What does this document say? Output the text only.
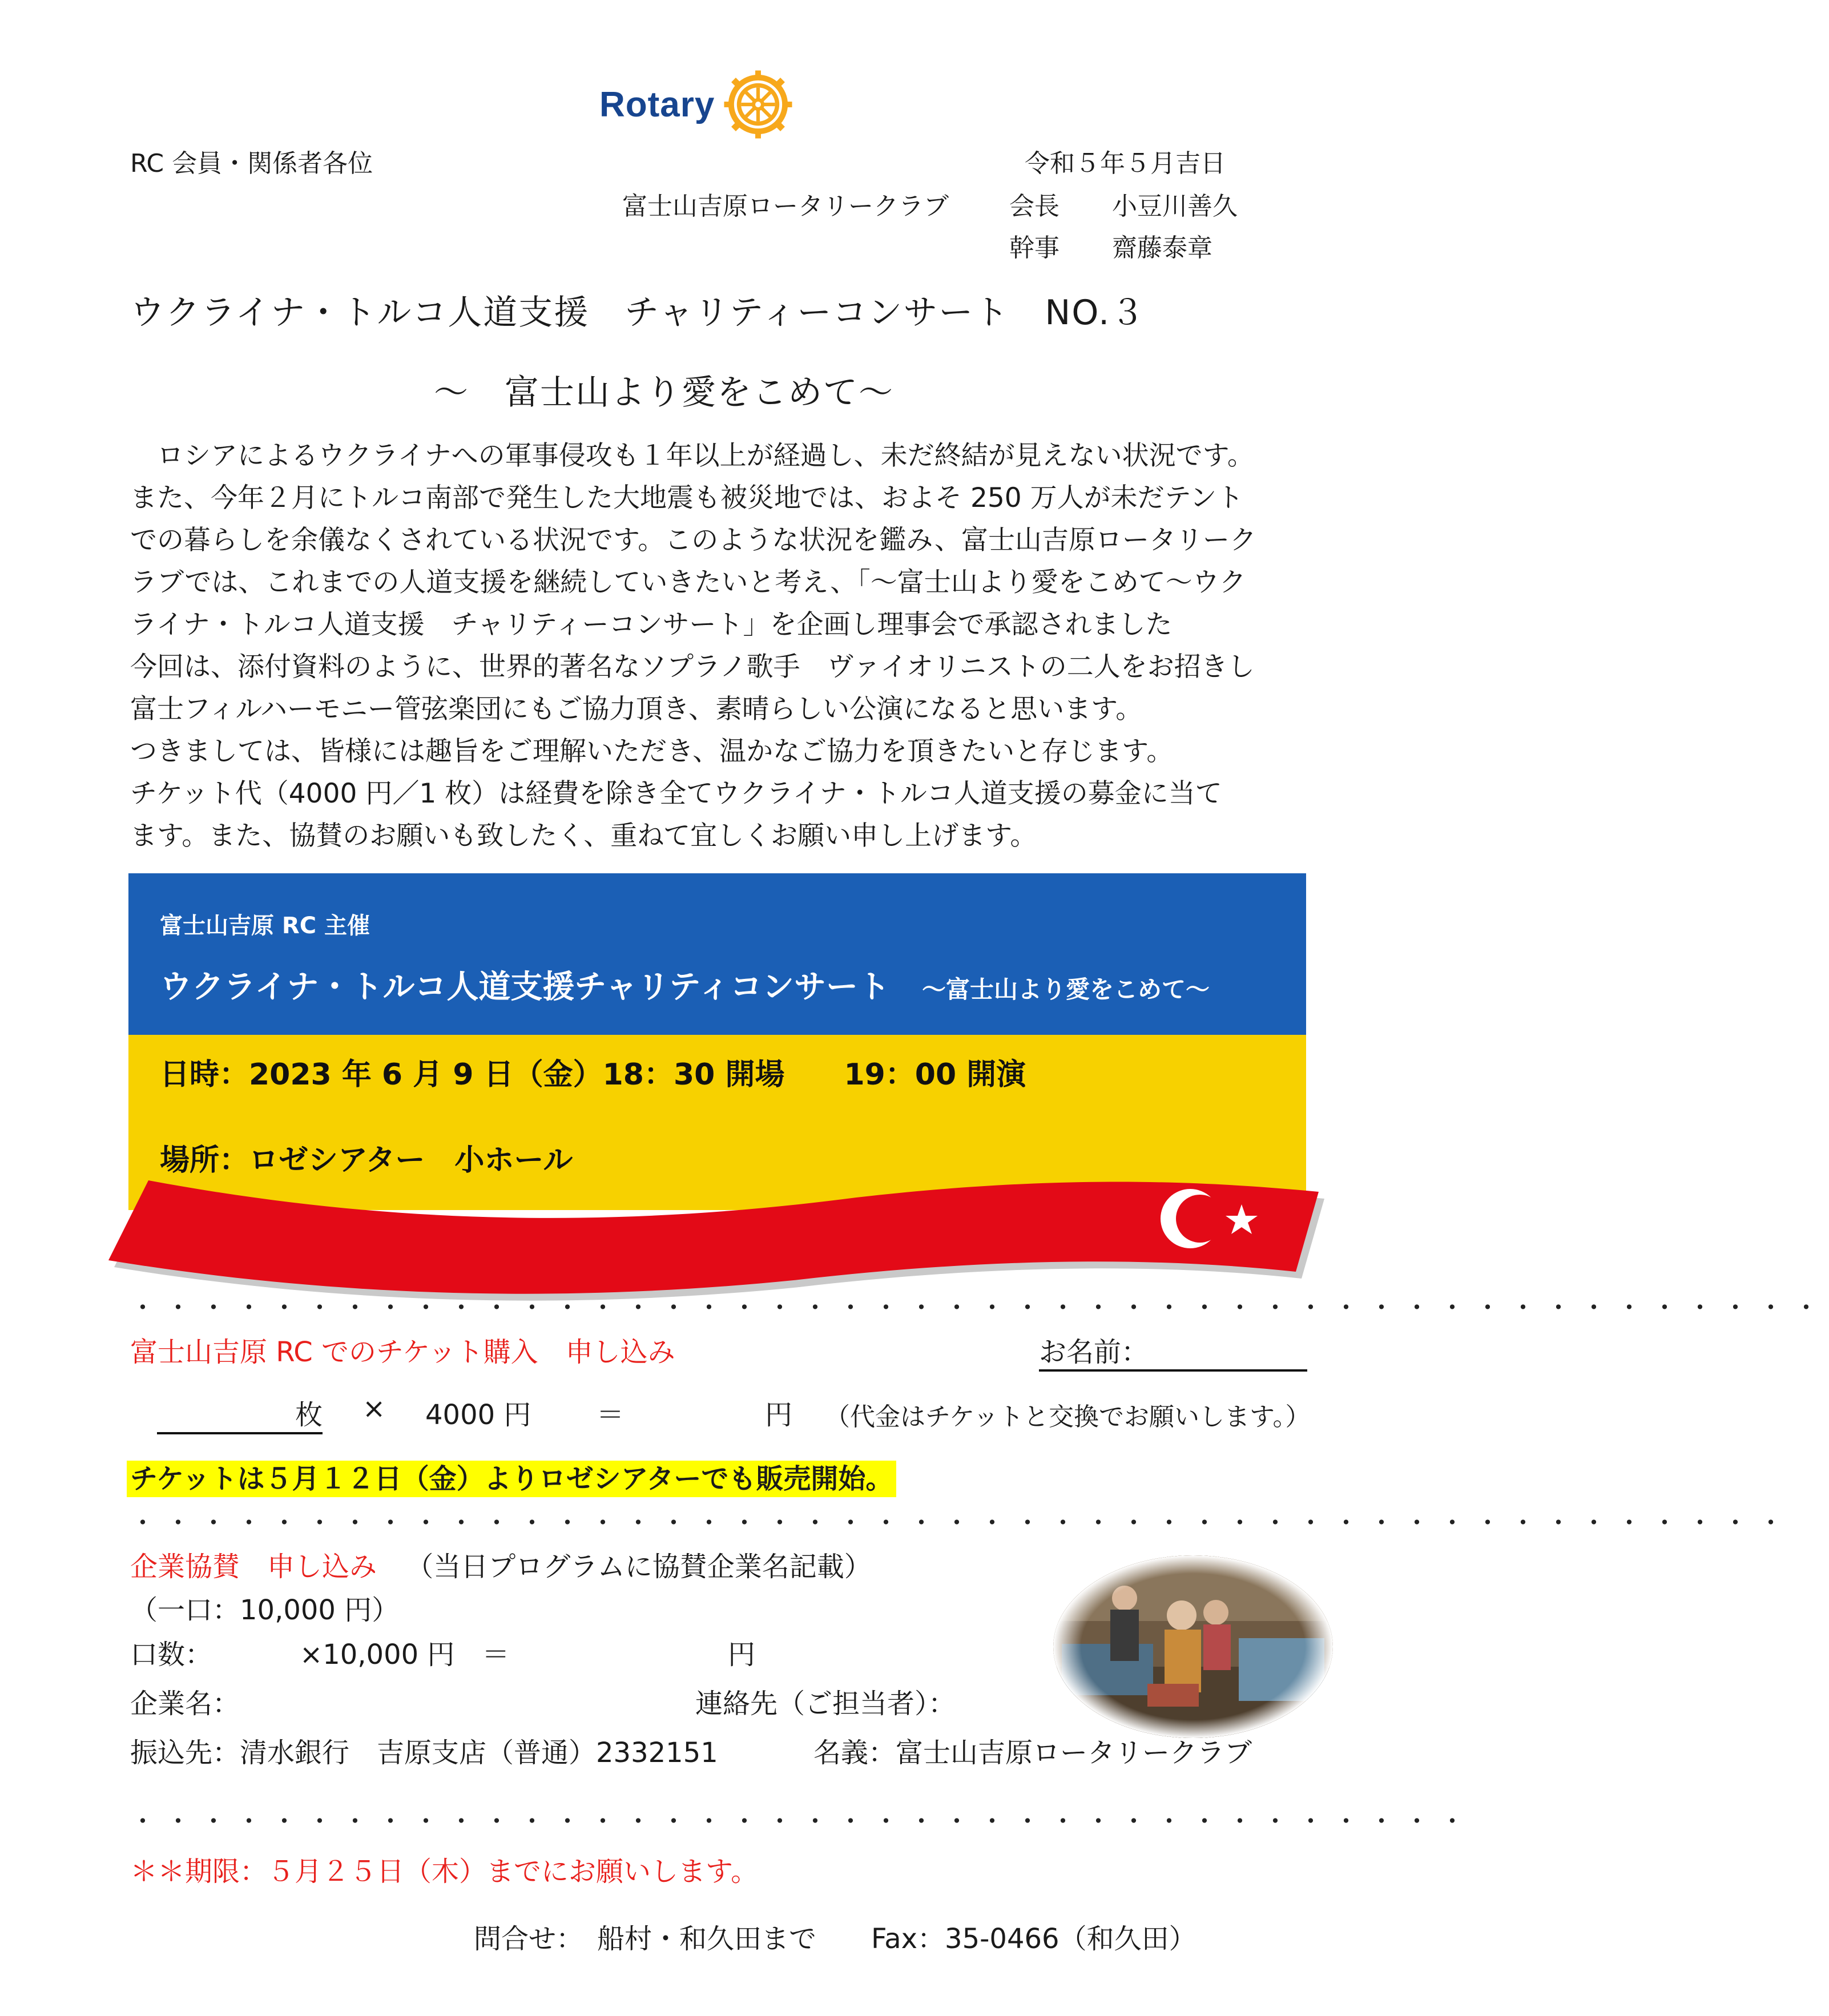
Rotary
RC 会員・関係者各位	令和５年５月吉日
富士山吉原ロータリークラブ 会長 小豆川善久
幹事 齋藤泰章
ウクライナ・トルコ人道支援　チャリティーコンサート　NO.３
～　富士山より愛をこめて～

ロシアによるウクライナへの軍事侵攻も１年以上が経過し、未だ終結が見えない状況です。

また、今年２月にトルコ南部で発生した大地震も被災地では、およそ 250 万人が未だテント

での暮らしを余儀なくされている状況です。このような状況を鑑み、富士山吉原ロータリーク

ラブでは、これまでの人道支援を継続していきたいと考え、「～富士山より愛をこめて～ウク

ライナ・トルコ人道支援　チャリティーコンサート」を企画し理事会で承認されました

今回は、添付資料のように、世界的著名なソプラノ歌手　ヴァイオリニストの二人をお招きし

富士フィルハーモニー管弦楽団にもご協力頂き、素晴らしい公演になると思います。

つきましては、皆様には趣旨をご理解いただき、温かなご協力を頂きたいと存じます。

チケット代（4000 円／1 枚）は経費を除き全てウクライナ・トルコ人道支援の募金に当て

ます。また、協賛のお願いも致したく、重ねて宜しくお願い申し上げます。

富士山吉原 RC 主催
ウクライナ・トルコ人道支援チャリティコンサート　～富士山より愛をこめて～
日時：2023 年 6 月 9 日（金）18：30 開場　　19：00 開演
場所：ロゼシアター　小ホール
・・・・・・・・・・・・・・・・・・・・・・・・・・・・・・・・・・・・・・・・・・・・・・・・
富士山吉原 RC でのチケット購入　申し込み	お名前：
枚 × 4000 円 ＝	円 （代金はチケットと交換でお願いします。）
チケットは５月１２日（金）よりロゼシアターでも販売開始。
・・・・・・・・・・・・・・・・・・・・・・・・・・・・・・・・・・・・・・・・・・・・・・・
企業協賛　申し込み （当日プログラムに協賛企業名記載）
（一口：10,000 円）
口数：	×10,000 円　＝	円
企業名：	連絡先（ご担当者）：
振込先：清水銀行　吉原支店（普通）2332151	名義：富士山吉原ロータリークラブ
・・・・・・・・・・・・・・・・・・・・・・・・・・・・・・・・・・・・・・
＊＊期限：５月２５日（木）までにお願いします。
問合せ：　船村・和久田まで　　Fax：35-0466（和久田）
